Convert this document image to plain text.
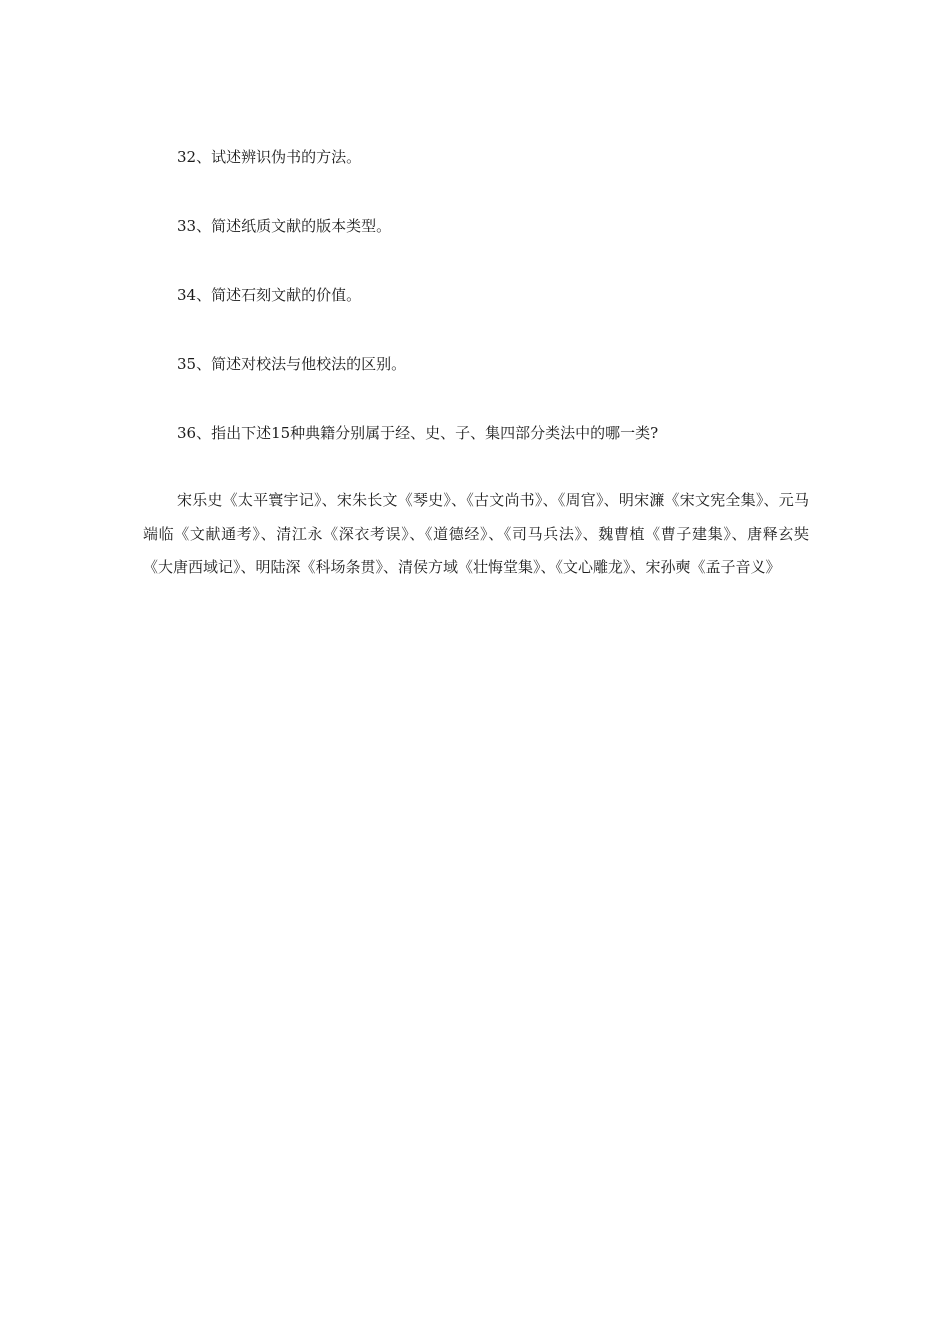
32、试述辨识伪书的方法。

33、简述纸质文献的版本类型。

34、简述石刻文献的价值。

35、简述对校法与他校法的区别。

36、指出下述15种典籍分别属于经、史、子、集四部分类法中的哪一类?

宋乐史《太平寰宇记》、宋朱长文《琴史》、《古文尚书》、《周官》、明宋濂《宋文宪全集》、元马端临《文献通考》、清江永《深衣考误》、《道德经》、《司马兵法》、魏曹植《曹子建集》、唐释玄奘《大唐西域记》、明陆深《科场条贯》、清侯方域《壮悔堂集》、《文心雕龙》、宋孙奭《孟子音义》
